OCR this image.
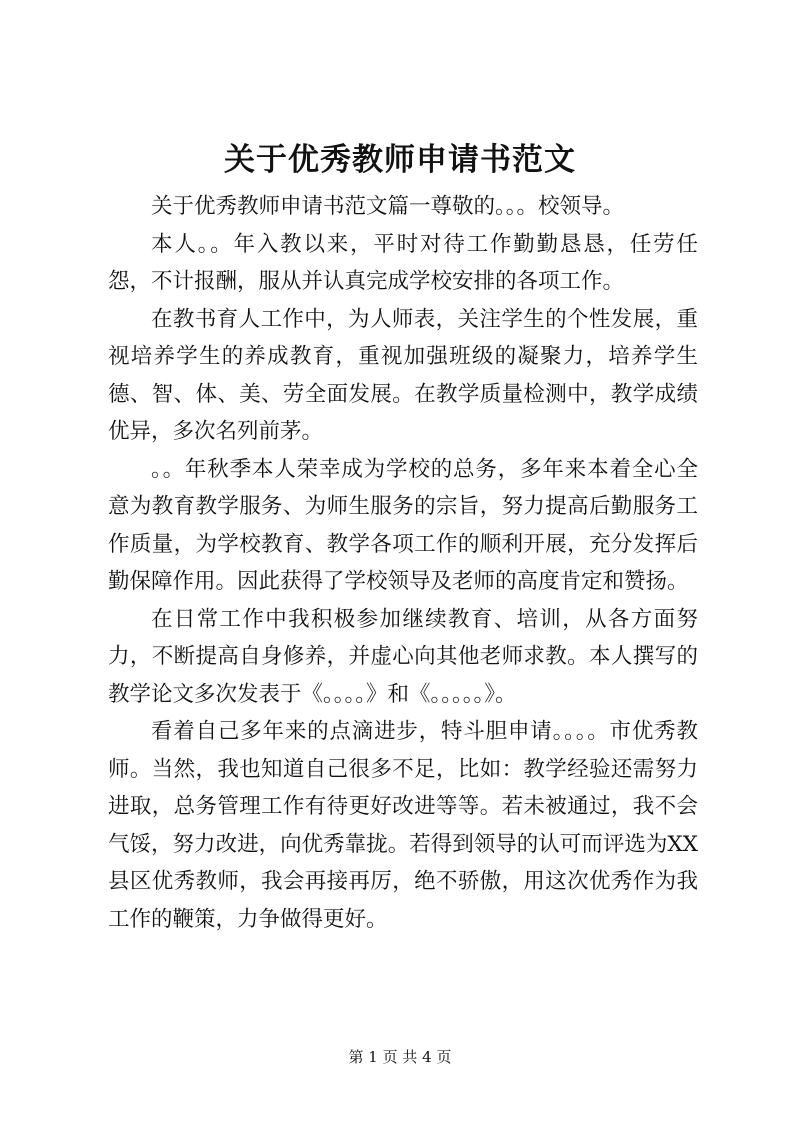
关于优秀教师申请书范文

关于优秀教师申请书范文篇一尊敬的。。。校领导。

本人。。年入教以来，平时对待工作勤勤恳恳，任劳任怨，不计报酬，服从并认真完成学校安排的各项工作。

在教书育人工作中，为人师表，关注学生的个性发展，重视培养学生的养成教育，重视加强班级的凝聚力，培养学生德、智、体、美、劳全面发展。在教学质量检测中，教学成绩优异，多次名列前茅。

。。年秋季本人荣幸成为学校的总务，多年来本着全心全意为教育教学服务、为师生服务的宗旨，努力提高后勤服务工作质量，为学校教育、教学各项工作的顺利开展，充分发挥后勤保障作用。因此获得了学校领导及老师的高度肯定和赞扬。

在日常工作中我积极参加继续教育、培训，从各方面努力，不断提高自身修养，并虚心向其他老师求教。本人撰写的教学论文多次发表于《。。。。》和《。。。。。》。

看着自己多年来的点滴进步，特斗胆申请。。。。市优秀教师。当然，我也知道自己很多不足，比如：教学经验还需努力进取，总务管理工作有待更好改进等等。若未被通过，我不会气馁，努力改进，向优秀靠拢。若得到领导的认可而评选为XX县区优秀教师，我会再接再厉，绝不骄傲，用这次优秀作为我工作的鞭策，力争做得更好。

第 1 页 共 4 页
